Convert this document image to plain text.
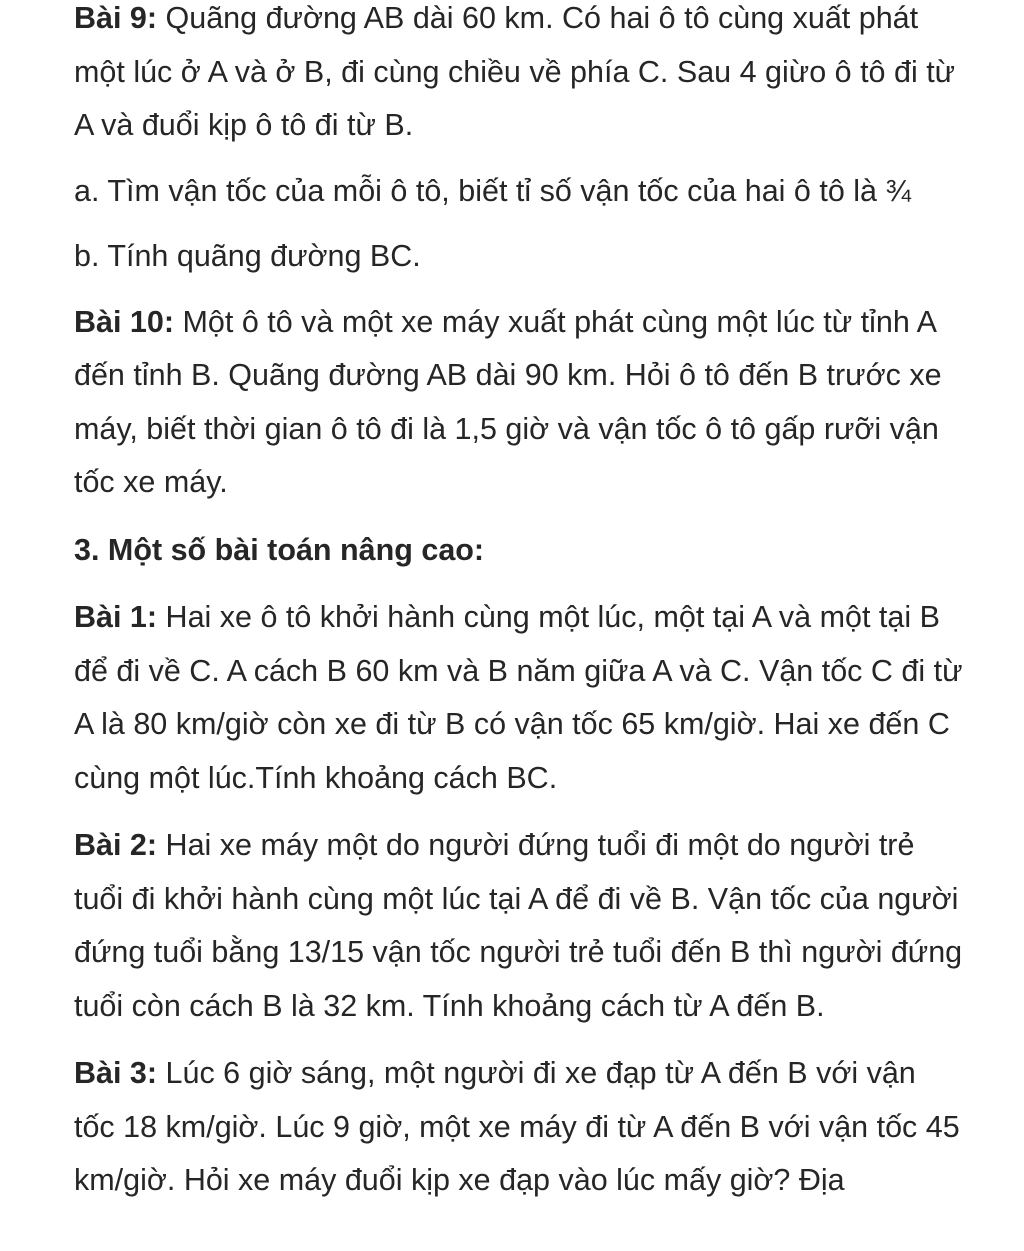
Bài 9: Quãng đường AB dài 60 km. Có hai ô tô cùng xuất phát một lúc ở A và ở B, đi cùng chiều về phía C. Sau 4 giừo ô tô đi từ A và đuổi kịp ô tô đi từ B.

a. Tìm vận tốc của mỗi ô tô, biết tỉ số vận tốc của hai ô tô là ¾

b. Tính quãng đường BC.

Bài 10: Một ô tô và một xe máy xuất phát cùng một lúc từ tỉnh A đến tỉnh B. Quãng đường AB dài 90 km. Hỏi ô tô đến B trước xe máy, biết thời gian ô tô đi là 1,5 giờ và vận tốc ô tô gấp rưỡi vận tốc xe máy.

3. Một số bài toán nâng cao:

Bài 1: Hai xe ô tô khởi hành cùng một lúc, một tại A và một tại B để đi về C. A cách B 60 km và B năm giữa A và C. Vận tốc C đi từ A là 80 km/giờ còn xe đi từ B có vận tốc 65 km/giờ. Hai xe đến C cùng một lúc.Tính khoảng cách BC.

Bài 2: Hai xe máy một do người đứng tuổi đi một do người trẻ tuổi đi khởi hành cùng một lúc tại A để đi về B. Vận tốc của người đứng tuổi bằng 13/15 vận tốc người trẻ tuổi đến B thì người đứng tuổi còn cách B là 32 km. Tính khoảng cách từ A đến B.

Bài 3: Lúc 6 giờ sáng, một người đi xe đạp từ A đến B với vận tốc 18 km/giờ. Lúc 9 giờ, một xe máy đi từ A đến B với vận tốc 45 km/giờ. Hỏi xe máy đuổi kịp xe đạp vào lúc mấy giờ? Địa
